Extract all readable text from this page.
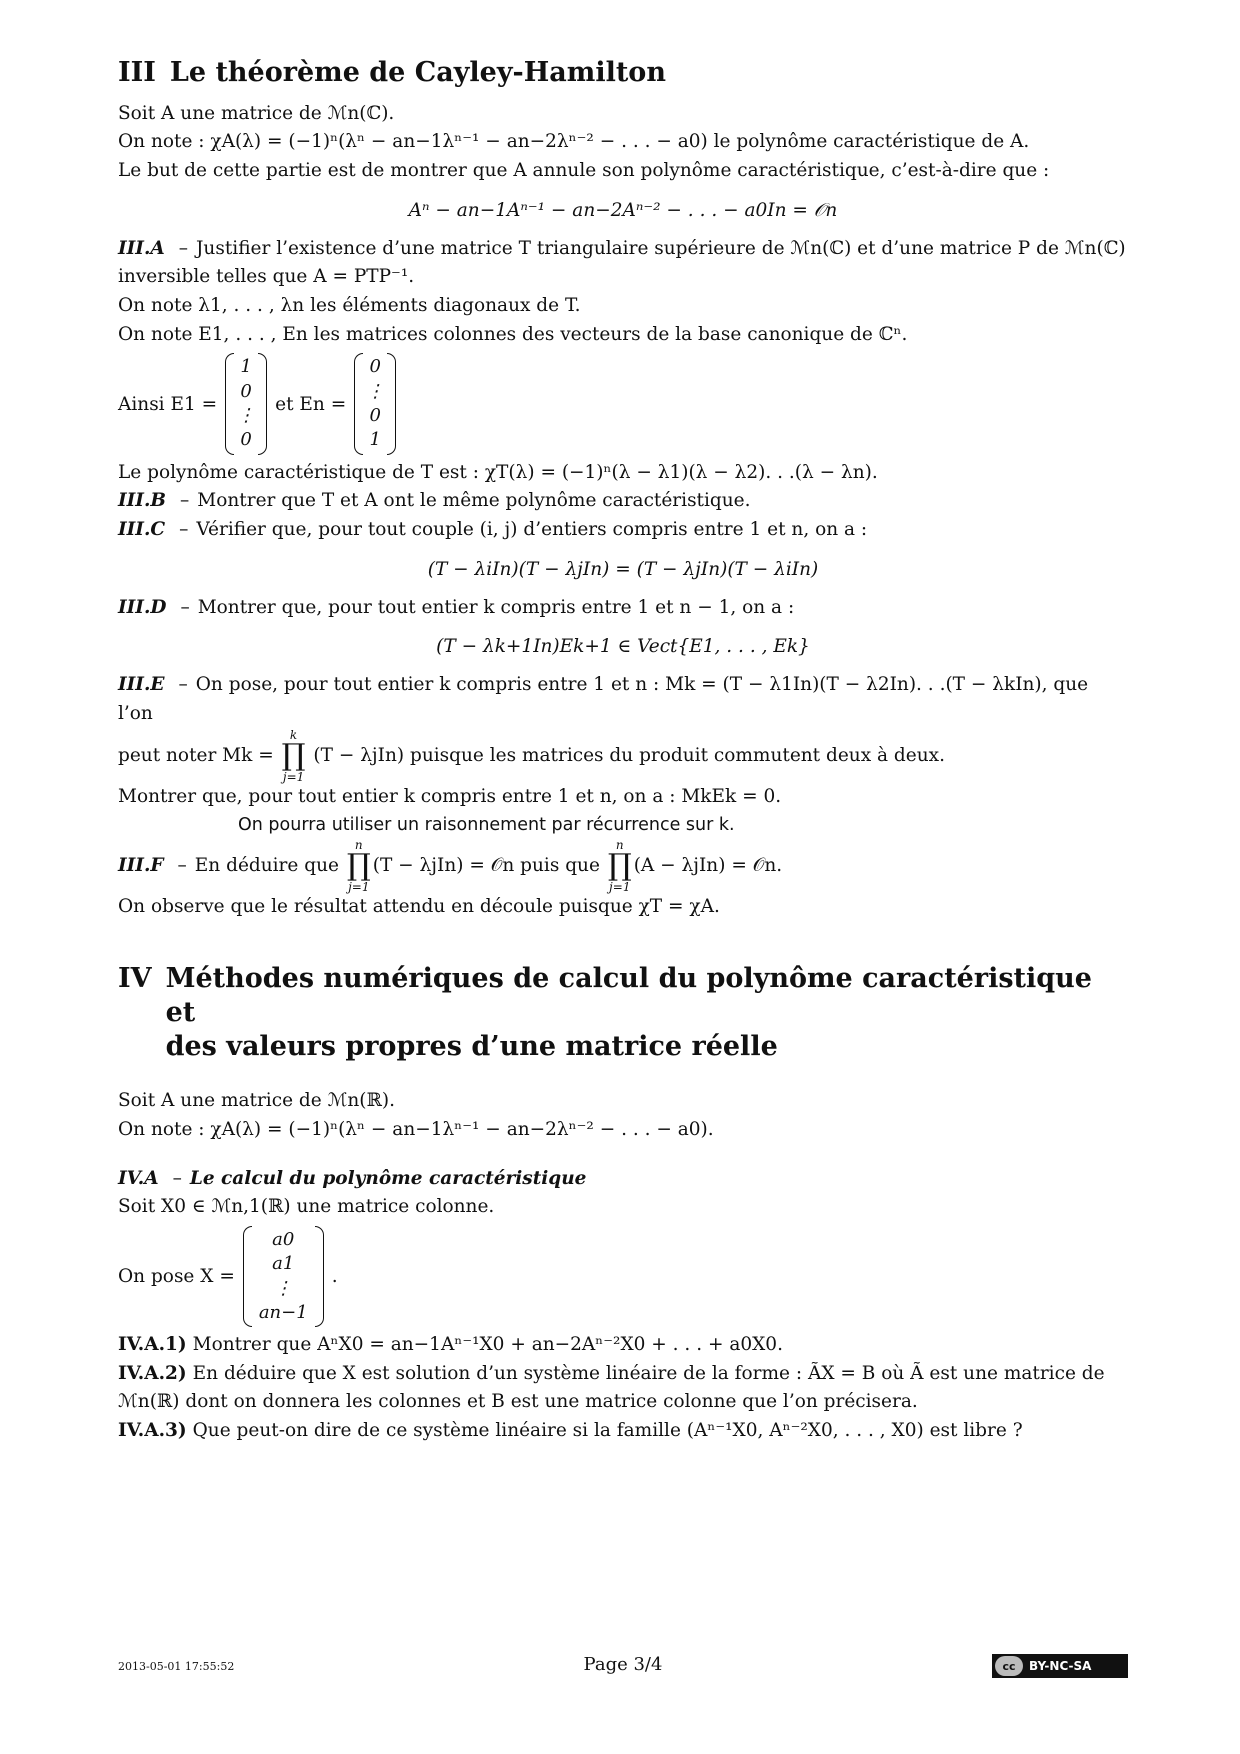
III Le théorème de Cayley-Hamilton

Soit A une matrice de ℳn(ℂ).

On note : χA(λ) = (−1)ⁿ(λⁿ − an−1λⁿ⁻¹ − an−2λⁿ⁻² − . . . − a0) le polynôme caractéristique de A.

Le but de cette partie est de montrer que A annule son polynôme caractéristique, c’est-à-dire que :

Aⁿ − an−1Aⁿ⁻¹ − an−2Aⁿ⁻² − . . . − a0In = 𝒪n

III.A – Justifier l’existence d’une matrice T triangulaire supérieure de ℳn(ℂ) et d’une matrice P de ℳn(ℂ) inversible telles que A = PTP⁻¹.

On note λ1, . . . , λn les éléments diagonaux de T.

On note E1, . . . , En les matrices colonnes des vecteurs de la base canonique de ℂⁿ.

Ainsi E1 =
1
0
⋮
0
et En =
0
⋮
0
1

Le polynôme caractéristique de T est : χT(λ) = (−1)ⁿ(λ − λ1)(λ − λ2). . .(λ − λn).

III.B – Montrer que T et A ont le même polynôme caractéristique.

III.C – Vérifier que, pour tout couple (i, j) d’entiers compris entre 1 et n, on a :

(T − λiIn)(T − λjIn) = (T − λjIn)(T − λiIn)

III.D – Montrer que, pour tout entier k compris entre 1 et n − 1, on a :

(T − λk+1In)Ek+1 ∈ Vect{E1, . . . , Ek}

III.E – On pose, pour tout entier k compris entre 1 et n : Mk = (T − λ1In)(T − λ2In). . .(T − λkIn), que l’on

peut noter Mk =
k
∏
j=1
(T − λjIn) puisque les matrices du produit commutent deux à deux.

Montrer que, pour tout entier k compris entre 1 et n, on a : MkEk = 0.

On pourra utiliser un raisonnement par récurrence sur k.

III.F – En déduire que
n
∏
j=1
(T − λjIn) = 𝒪n puis que
n
∏
j=1
(A − λjIn) = 𝒪n.

On observe que le résultat attendu en découle puisque χT = χA.

IV Méthodes numériques de calcul du polynôme caractéristique et
des valeurs propres d’une matrice réelle

Soit A une matrice de ℳn(ℝ).

On note : χA(λ) = (−1)ⁿ(λⁿ − an−1λⁿ⁻¹ − an−2λⁿ⁻² − . . . − a0).

IV.A – Le calcul du polynôme caractéristique

Soit X0 ∈ ℳn,1(ℝ) une matrice colonne.

On pose X =
a0
a1
⋮
an−1
.

IV.A.1) Montrer que AⁿX0 = an−1Aⁿ⁻¹X0 + an−2Aⁿ⁻²X0 + . . . + a0X0.

IV.A.2) En déduire que X est solution d’un système linéaire de la forme : ÃX = B où Ã est une matrice de ℳn(ℝ) dont on donnera les colonnes et B est une matrice colonne que l’on précisera.

IV.A.3) Que peut-on dire de ce système linéaire si la famille (Aⁿ⁻¹X0, Aⁿ⁻²X0, . . . , X0) est libre ?

2013-05-01 17:55:52	Page 3/4	cc	BY-NC-SA
